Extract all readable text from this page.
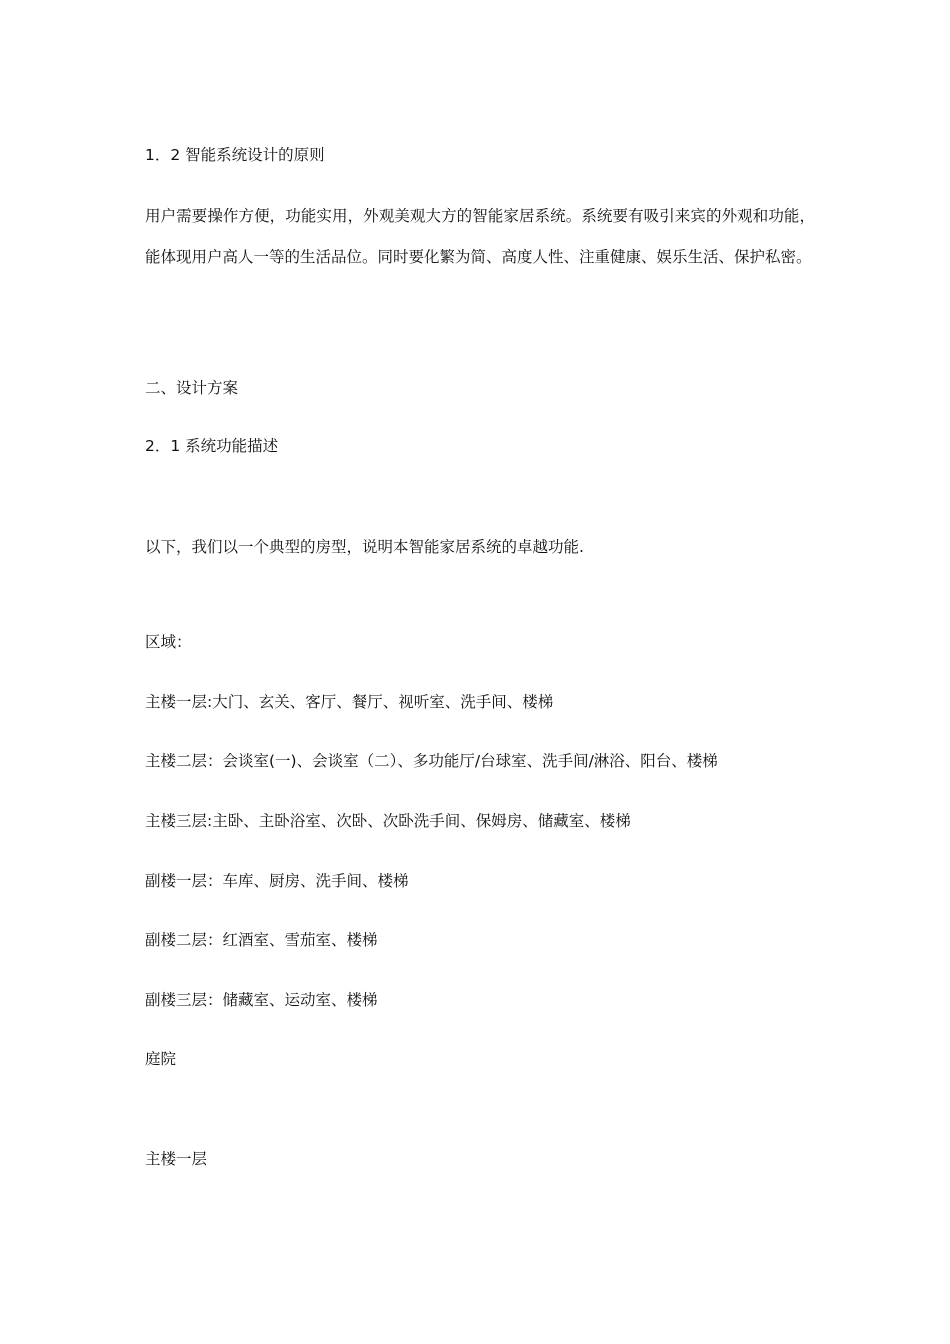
1．2 智能系统设计的原则
用户需要操作方便，功能实用，外观美观大方的智能家居系统。系统要有吸引来宾的外观和功能，能体现用户高人一等的生活品位。同时要化繁为简、高度人性、注重健康、娱乐生活、保护私密。
二、设计方案
2．1 系统功能描述
以下，我们以一个典型的房型，说明本智能家居系统的卓越功能.
区域：
主楼一层:大门、玄关、客厅、餐厅、视听室、洗手间、楼梯
主楼二层：会谈室(一)、会谈室（二）、多功能厅/台球室、洗手间/淋浴、阳台、楼梯
主楼三层:主卧、主卧浴室、次卧、次卧洗手间、保姆房、储藏室、楼梯
副楼一层：车库、厨房、洗手间、楼梯
副楼二层：红酒室、雪茄室、楼梯
副楼三层：储藏室、运动室、楼梯
庭院
主楼一层
